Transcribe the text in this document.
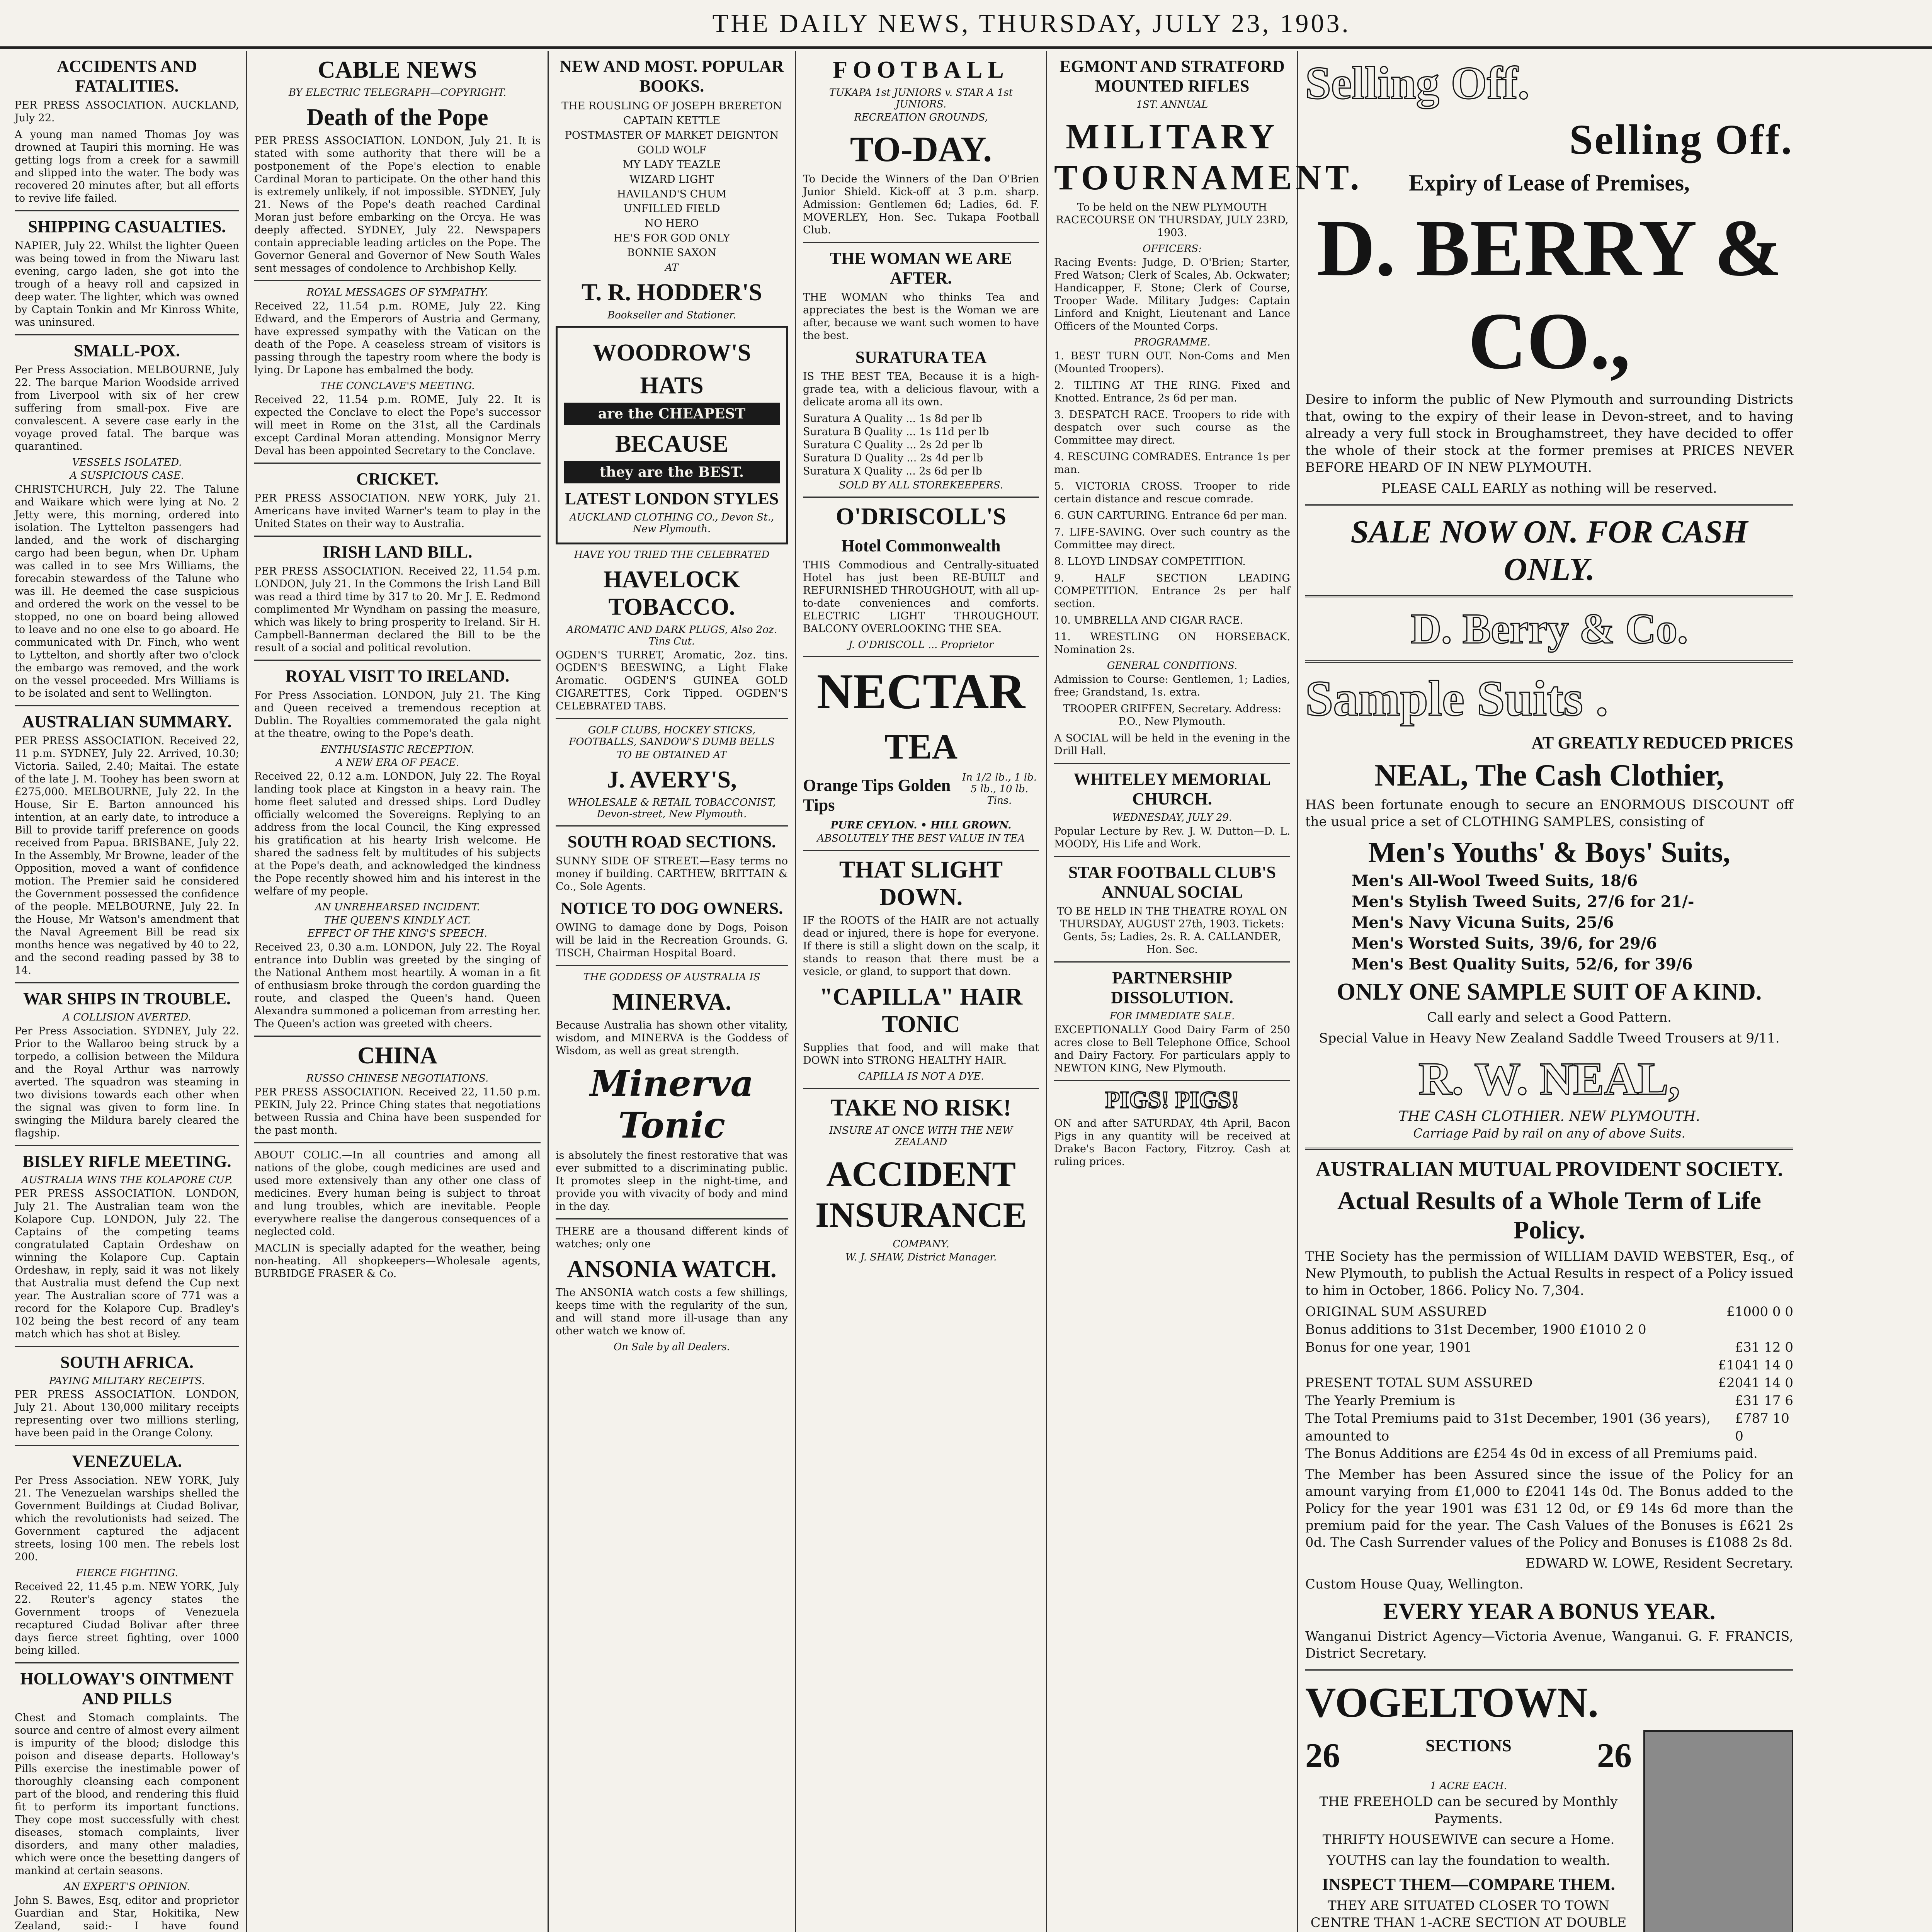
THE DAILY NEWS, THURSDAY, JULY 23, 1903.
ACCIDENTS AND FATALITIES.

PER PRESS ASSOCIATION. AUCKLAND, July 22.

A young man named Thomas Joy was drowned at Taupiri this morning. He was getting logs from a creek for a sawmill and slipped into the water. The body was recovered 20 minutes after, but all efforts to revive life failed.

SHIPPING CASUALTIES.

NAPIER, July 22. Whilst the lighter Queen was being towed in from the Niwaru last evening, cargo laden, she got into the trough of a heavy roll and capsized in deep water. The lighter, which was owned by Captain Tonkin and Mr Kinross White, was uninsured.

SMALL-POX.

Per Press Association. MELBOURNE, July 22. The barque Marion Woodside arrived from Liverpool with six of her crew suffering from small-pox. Five are convalescent. A severe case early in the voyage proved fatal. The barque was quarantined.

VESSELS ISOLATED.
A SUSPICIOUS CASE.

CHRISTCHURCH, July 22. The Talune and Waikare which were lying at No. 2 Jetty were, this morning, ordered into isolation. The Lyttelton passengers had landed, and the work of discharging cargo had been begun, when Dr. Upham was called in to see Mrs Williams, the forecabin stewardess of the Talune who was ill. He deemed the case suspicious and ordered the work on the vessel to be stopped, no one on board being allowed to leave and no one else to go aboard. He communicated with Dr. Finch, who went to Lyttelton, and shortly after two o'clock the embargo was removed, and the work on the vessel proceeded. Mrs Williams is to be isolated and sent to Wellington.

AUSTRALIAN SUMMARY.

PER PRESS ASSOCIATION. Received 22, 11 p.m. SYDNEY, July 22. Arrived, 10.30; Victoria. Sailed, 2.40; Maitai. The estate of the late J. M. Toohey has been sworn at £275,000. MELBOURNE, July 22. In the House, Sir E. Barton announced his intention, at an early date, to introduce a Bill to provide tariff preference on goods received from Papua. BRISBANE, July 22. In the Assembly, Mr Browne, leader of the Opposition, moved a want of confidence motion. The Premier said he considered the Government possessed the confidence of the people. MELBOURNE, July 22. In the House, Mr Watson's amendment that the Naval Agreement Bill be read six months hence was negatived by 40 to 22, and the second reading passed by 38 to 14.

WAR SHIPS IN TROUBLE.
A COLLISION AVERTED.

Per Press Association. SYDNEY, July 22. Prior to the Wallaroo being struck by a torpedo, a collision between the Mildura and the Royal Arthur was narrowly averted. The squadron was steaming in two divisions towards each other when the signal was given to form line. In swinging the Mildura barely cleared the flagship.

BISLEY RIFLE MEETING.
AUSTRALIA WINS THE KOLAPORE CUP.

PER PRESS ASSOCIATION. LONDON, July 21. The Australian team won the Kolapore Cup. LONDON, July 22. The Captains of the competing teams congratulated Captain Ordeshaw on winning the Kolapore Cup. Captain Ordeshaw, in reply, said it was not likely that Australia must defend the Cup next year. The Australian score of 771 was a record for the Kolapore Cup. Bradley's 102 being the best record of any team match which has shot at Bisley.

SOUTH AFRICA.
PAYING MILITARY RECEIPTS.

PER PRESS ASSOCIATION. LONDON, July 21. About 130,000 military receipts representing over two millions sterling, have been paid in the Orange Colony.

VENEZUELA.

Per Press Association. NEW YORK, July 21. The Venezuelan warships shelled the Government Buildings at Ciudad Bolivar, which the revolutionists had seized. The Government captured the adjacent streets, losing 100 men. The rebels lost 200.

FIERCE FIGHTING.

Received 22, 11.45 p.m. NEW YORK, July 22. Reuter's agency states the Government troops of Venezuela recaptured Ciudad Bolivar after three days fierce street fighting, over 1000 being killed.

HOLLOWAY'S OINTMENT AND PILLS

Chest and Stomach complaints. The source and centre of almost every ailment is impurity of the blood; dislodge this poison and disease departs. Holloway's Pills exercise the inestimable power of thoroughly cleansing each component part of the blood, and rendering this fluid fit to perform its important functions. They cope most successfully with chest diseases, stomach complaints, liver disorders, and many other maladies, which were once the besetting dangers of mankind at certain seasons.

AN EXPERT'S OPINION.

John S. Bawes, Esq, editor and proprietor Guardian and Star, Hokitika, New Zealand, said:- I have found

CABLE NEWS
BY ELECTRIC TELEGRAPH—COPYRIGHT.
Death of the Pope

PER PRESS ASSOCIATION. LONDON, July 21. It is stated with some authority that there will be a postponement of the Pope's election to enable Cardinal Moran to participate. On the other hand this is extremely unlikely, if not impossible. SYDNEY, July 21. News of the Pope's death reached Cardinal Moran just before embarking on the Orcya. He was deeply affected. SYDNEY, July 22. Newspapers contain appreciable leading articles on the Pope. The Governor General and Governor of New South Wales sent messages of condolence to Archbishop Kelly.

ROYAL MESSAGES OF SYMPATHY.

Received 22, 11.54 p.m. ROME, July 22. King Edward, and the Emperors of Austria and Germany, have expressed sympathy with the Vatican on the death of the Pope. A ceaseless stream of visitors is passing through the tapestry room where the body is lying. Dr Lapone has embalmed the body.

THE CONCLAVE'S MEETING.

Received 22, 11.54 p.m. ROME, July 22. It is expected the Conclave to elect the Pope's successor will meet in Rome on the 31st, all the Cardinals except Cardinal Moran attending. Monsignor Merry Deval has been appointed Secretary to the Conclave.

CRICKET.

PER PRESS ASSOCIATION. NEW YORK, July 21. Americans have invited Warner's team to play in the United States on their way to Australia.

IRISH LAND BILL.

PER PRESS ASSOCIATION. Received 22, 11.54 p.m. LONDON, July 21. In the Commons the Irish Land Bill was read a third time by 317 to 20. Mr J. E. Redmond complimented Mr Wyndham on passing the measure, which was likely to bring prosperity to Ireland. Sir H. Campbell-Bannerman declared the Bill to be the result of a social and political revolution.

ROYAL VISIT TO IRELAND.

For Press Association. LONDON, July 21. The King and Queen received a tremendous reception at Dublin. The Royalties commemorated the gala night at the theatre, owing to the Pope's death.

ENTHUSIASTIC RECEPTION.
A NEW ERA OF PEACE.

Received 22, 0.12 a.m. LONDON, July 22. The Royal landing took place at Kingston in a heavy rain. The home fleet saluted and dressed ships. Lord Dudley officially welcomed the Sovereigns. Replying to an address from the local Council, the King expressed his gratification at his hearty Irish welcome. He shared the sadness felt by multitudes of his subjects at the Pope's death, and acknowledged the kindness the Pope recently showed him and his interest in the welfare of my people.

AN UNREHEARSED INCIDENT.
THE QUEEN'S KINDLY ACT.
EFFECT OF THE KING'S SPEECH.

Received 23, 0.30 a.m. LONDON, July 22. The Royal entrance into Dublin was greeted by the singing of the National Anthem most heartily. A woman in a fit of enthusiasm broke through the cordon guarding the route, and clasped the Queen's hand. Queen Alexandra summoned a policeman from arresting her. The Queen's action was greeted with cheers.

CHINA
RUSSO CHINESE NEGOTIATIONS.

PER PRESS ASSOCIATION. Received 22, 11.50 p.m. PEKIN, July 22. Prince Ching states that negotiations between Russia and China have been suspended for the past month.

ABOUT COLIC.—In all countries and among all nations of the globe, cough medicines are used and used more extensively than any other one class of medicines. Every human being is subject to throat and lung troubles, which are inevitable. People everywhere realise the dangerous consequences of a neglected cold.

MACLIN is specially adapted for the weather, being non-heating. All shopkeepers—Wholesale agents, BURBIDGE FRASER & Co.

NEW AND MOST. POPULAR BOOKS.
THE ROUSLING OF JOSEPH BRERETON
CAPTAIN KETTLE
POSTMASTER OF MARKET DEIGNTON
GOLD WOLF
MY LADY TEAZLE
WIZARD LIGHT
HAVILAND'S CHUM
UNFILLED FIELD
NO HERO
HE'S FOR GOD ONLY
BONNIE SAXON
AT
T. R. HODDER'S
Bookseller and Stationer.
WOODROW'S
HATS
are the CHEAPEST
BECAUSE
they are the BEST.
LATEST LONDON STYLES
AUCKLAND CLOTHING CO., Devon St., New Plymouth.
HAVE YOU TRIED THE CELEBRATED
HAVELOCK TOBACCO.
AROMATIC AND DARK PLUGS, Also 2oz. Tins Cut.

OGDEN'S TURRET, Aromatic, 2oz. tins. OGDEN'S BEESWING, a Light Flake Aromatic. OGDEN'S GUINEA GOLD CIGARETTES, Cork Tipped. OGDEN'S CELEBRATED TABS.

GOLF CLUBS, HOCKEY STICKS, FOOTBALLS, SANDOW'S DUMB BELLS
TO BE OBTAINED AT
J. AVERY'S,
WHOLESALE & RETAIL TOBACCONIST, Devon-street, New Plymouth.
SOUTH ROAD SECTIONS.

SUNNY SIDE OF STREET.—Easy terms no money if building. CARTHEW, BRITTAIN & Co., Sole Agents.

NOTICE TO DOG OWNERS.

OWING to damage done by Dogs, Poison will be laid in the Recreation Grounds. G. TISCH, Chairman Hospital Board.

THE GODDESS OF AUSTRALIA IS
MINERVA.

Because Australia has shown other vitality, wisdom, and MINERVA is the Goddess of Wisdom, as well as great strength.

Minerva Tonic

is absolutely the finest restorative that was ever submitted to a discriminating public. It promotes sleep in the night-time, and provide you with vivacity of body and mind in the day.

THERE are a thousand different kinds of watches; only one

ANSONIA WATCH.

The ANSONIA watch costs a few shillings, keeps time with the regularity of the sun, and will stand more ill-usage than any other watch we know of.

On Sale by all Dealers.
FOOTBALL
TUKAPA 1st JUNIORS v. STAR A 1st JUNIORS.
RECREATION GROUNDS,
TO-DAY.

To Decide the Winners of the Dan O'Brien Junior Shield. Kick-off at 3 p.m. sharp. Admission: Gentlemen 6d; Ladies, 6d. F. MOVERLEY, Hon. Sec. Tukapa Football Club.

THE WOMAN WE ARE AFTER.

THE WOMAN who thinks Tea and appreciates the best is the Woman we are after, because we want such women to have the best.

SURATURA TEA

IS THE BEST TEA, Because it is a high-grade tea, with a delicious flavour, with a delicate aroma all its own.

Suratura A Quality ... 1s 8d per lb
Suratura B Quality ... 1s 11d per lb
Suratura C Quality ... 2s 2d per lb
Suratura D Quality ... 2s 4d per lb
Suratura X Quality ... 2s 6d per lb
SOLD BY ALL STOREKEEPERS.
O'DRISCOLL'S
Hotel Commonwealth

THIS Commodious and Centrally-situated Hotel has just been RE-BUILT and REFURNISHED THROUGHOUT, with all up-to-date conveniences and comforts. ELECTRIC LIGHT THROUGHOUT. BALCONY OVERLOOKING THE SEA.

J. O'DRISCOLL ... Proprietor
NECTAR
TEA
Orange Tips Golden Tips
In 1/2 lb., 1 lb. 5 lb., 10 lb. Tins.
PURE CEYLON. • HILL GROWN.
ABSOLUTELY THE BEST VALUE IN TEA
THAT SLIGHT DOWN.

IF the ROOTS of the HAIR are not actually dead or injured, there is hope for everyone. If there is still a slight down on the scalp, it stands to reason that there must be a vesicle, or gland, to support that down.

"CAPILLA" HAIR TONIC

Supplies that food, and will make that DOWN into STRONG HEALTHY HAIR.

CAPILLA IS NOT A DYE.
TAKE NO RISK!
INSURE AT ONCE WITH THE NEW ZEALAND
ACCIDENT INSURANCE
COMPANY.
W. J. SHAW, District Manager.
EGMONT AND STRATFORD MOUNTED RIFLES
1ST. ANNUAL
MILITARY TOURNAMENT.

To be held on the NEW PLYMOUTH RACECOURSE ON THURSDAY, JULY 23RD, 1903.

OFFICERS:

Racing Events: Judge, D. O'Brien; Starter, Fred Watson; Clerk of Scales, Ab. Ockwater; Handicapper, F. Stone; Clerk of Course, Trooper Wade. Military Judges: Captain Linford and Knight, Lieutenant and Lance Officers of the Mounted Corps.

PROGRAMME.
1. BEST TURN OUT. Non-Coms and Men (Mounted Troopers).
2. TILTING AT THE RING. Fixed and Knotted. Entrance, 2s 6d per man.
3. DESPATCH RACE. Troopers to ride with despatch over such course as the Committee may direct.
4. RESCUING COMRADES. Entrance 1s per man.
5. VICTORIA CROSS. Trooper to ride certain distance and rescue comrade.
6. GUN CARTURING. Entrance 6d per man.
7. LIFE-SAVING. Over such country as the Committee may direct.
8. LLOYD LINDSAY COMPETITION.
9. HALF SECTION LEADING COMPETITION. Entrance 2s per half section.
10. UMBRELLA AND CIGAR RACE.
11. WRESTLING ON HORSEBACK. Nomination 2s.
GENERAL CONDITIONS.

Admission to Course: Gentlemen, 1; Ladies, free; Grandstand, 1s. extra.

TROOPER GRIFFEN, Secretary. Address: P.O., New Plymouth.

A SOCIAL will be held in the evening in the Drill Hall.

WHITELEY MEMORIAL CHURCH.
WEDNESDAY, JULY 29.

Popular Lecture by Rev. J. W. Dutton—D. L. MOODY, His Life and Work.

STAR FOOTBALL CLUB'S ANNUAL SOCIAL

TO BE HELD IN THE THEATRE ROYAL ON THURSDAY, AUGUST 27th, 1903. Tickets: Gents, 5s; Ladies, 2s. R. A. CALLANDER, Hon. Sec.

PARTNERSHIP DISSOLUTION.
FOR IMMEDIATE SALE.

EXCEPTIONALLY Good Dairy Farm of 250 acres close to Bell Telephone Office, School and Dairy Factory. For particulars apply to NEWTON KING, New Plymouth.

PIGS! PIGS!

ON and after SATURDAY, 4th April, Bacon Pigs in any quantity will be received at Drake's Bacon Factory, Fitzroy. Cash at ruling prices.

Selling Off.
Selling Off.
Expiry of Lease of Premises,
D. BERRY & CO.,

Desire to inform the public of New Plymouth and surrounding Districts that, owing to the expiry of their lease in Devon-street, and to having already a very full stock in Broughamstreet, they have decided to offer the whole of their stock at the former premises at PRICES NEVER BEFORE HEARD OF IN NEW PLYMOUTH.

PLEASE CALL EARLY as nothing will be reserved.

SALE NOW ON. FOR CASH ONLY.
D. Berry & Co.
Sample Suits .
AT GREATLY REDUCED PRICES
NEAL, The Cash Clothier,

HAS been fortunate enough to secure an ENORMOUS DISCOUNT off the usual price a set of CLOTHING SAMPLES, consisting of

Men's Youths' & Boys' Suits,
Men's All-Wool Tweed Suits, 18/6
Men's Stylish Tweed Suits, 27/6 for 21/-
Men's Navy Vicuna Suits, 25/6
Men's Worsted Suits, 39/6, for 29/6
Men's Best Quality Suits, 52/6, for 39/6
ONLY ONE SAMPLE SUIT OF A KIND.

Call early and select a Good Pattern.

Special Value in Heavy New Zealand Saddle Tweed Trousers at 9/11.

R. W. NEAL,
THE CASH CLOTHIER. NEW PLYMOUTH.
Carriage Paid by rail on any of above Suits.
AUSTRALIAN MUTUAL PROVIDENT SOCIETY.
Actual Results of a Whole Term of Life Policy.

THE Society has the permission of WILLIAM DAVID WEBSTER, Esq., of New Plymouth, to publish the Actual Results in respect of a Policy issued to him in October, 1866. Policy No. 7,304.

ORIGINAL SUM ASSURED	£1000 0 0
Bonus additions to 31st December, 1900 £1010 2 0
Bonus for one year, 1901	£31 12 0
£1041 14 0
PRESENT TOTAL SUM ASSURED	£2041 14 0
The Yearly Premium is	£31 17 6
The Total Premiums paid to 31st December, 1901 (36 years), amounted to
£787 10 0

The Bonus Additions are £254 4s 0d in excess of all Premiums paid.

The Member has been Assured since the issue of the Policy for an amount varying from £1,000 to £2041 14s 0d. The Bonus added to the Policy for the year 1901 was £31 12 0d, or £9 14s 6d more than the premium paid for the year. The Cash Values of the Bonuses is £621 2s 0d. The Cash Surrender values of the Policy and Bonuses is £1088 2s 8d.

EDWARD W. LOWE, Resident Secretary.

Custom House Quay, Wellington.

EVERY YEAR A BONUS YEAR.

Wanganui District Agency—Victoria Avenue, Wanganui. G. F. FRANCIS, District Secretary.

VOGELTOWN.
26	SECTIONS 26
1 ACRE EACH.

THE FREEHOLD can be secured by Monthly Payments.

THRIFTY HOUSEWIVE can secure a Home.

YOUTHS can lay the foundation to wealth.

INSPECT THEM—COMPARE THEM.

THEY ARE SITUATED CLOSER TO TOWN CENTRE THAN 1-ACRE SECTION AT DOUBLE
